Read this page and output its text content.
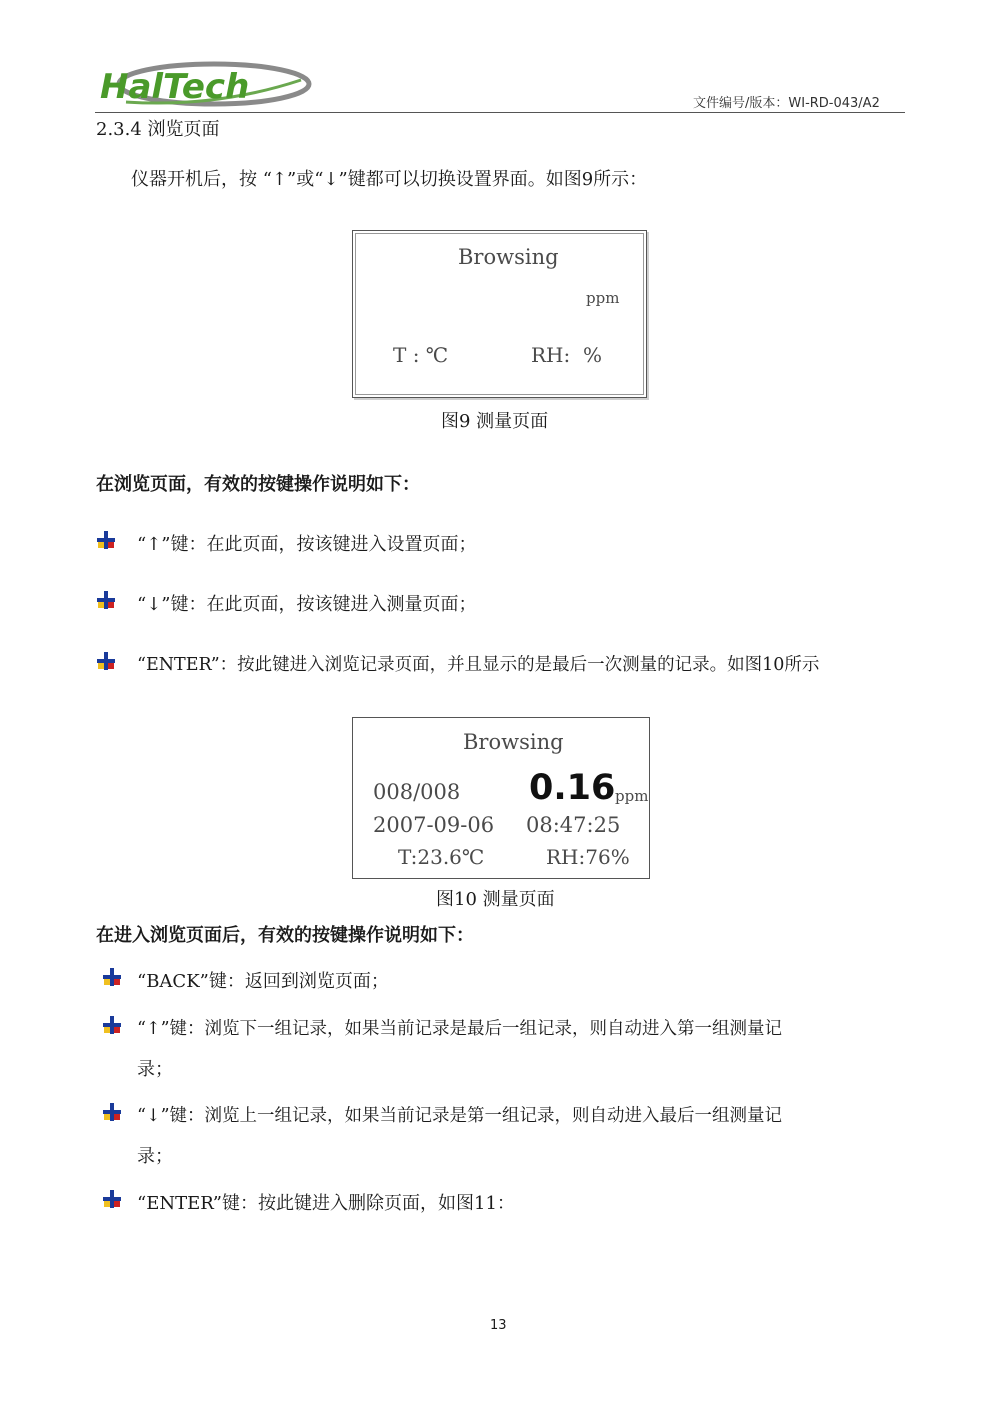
HalTech	文件编号/版本：WI-RD-043/A2
2.3.4 浏览页面
仪器开机后，按 “↑”或“↓”键都可以切换设置界面。如图9所示：
Browsing
ppm
T : ℃	RH:  %
图9 测量页面
在浏览页面，有效的按键操作说明如下：
“↑”键：在此页面，按该键进入设置页面；
“↓”键：在此页面，按该键进入测量页面；
“ENTER”：按此键进入浏览记录页面，并且显示的是最后一次测量的记录。如图10所示
Browsing
008/008 0.16 ppm
2007-09-06 08:47:25
T:23.6℃	RH:76%
图10 测量页面
在进入浏览页面后，有效的按键操作说明如下：
“BACK”键：返回到浏览页面；
“↑”键：浏览下一组记录，如果当前记录是最后一组记录，则自动进入第一组测量记
录；
“↓”键：浏览上一组记录，如果当前记录是第一组记录，则自动进入最后一组测量记
录；
“ENTER”键：按此键进入删除页面，如图11：
13
